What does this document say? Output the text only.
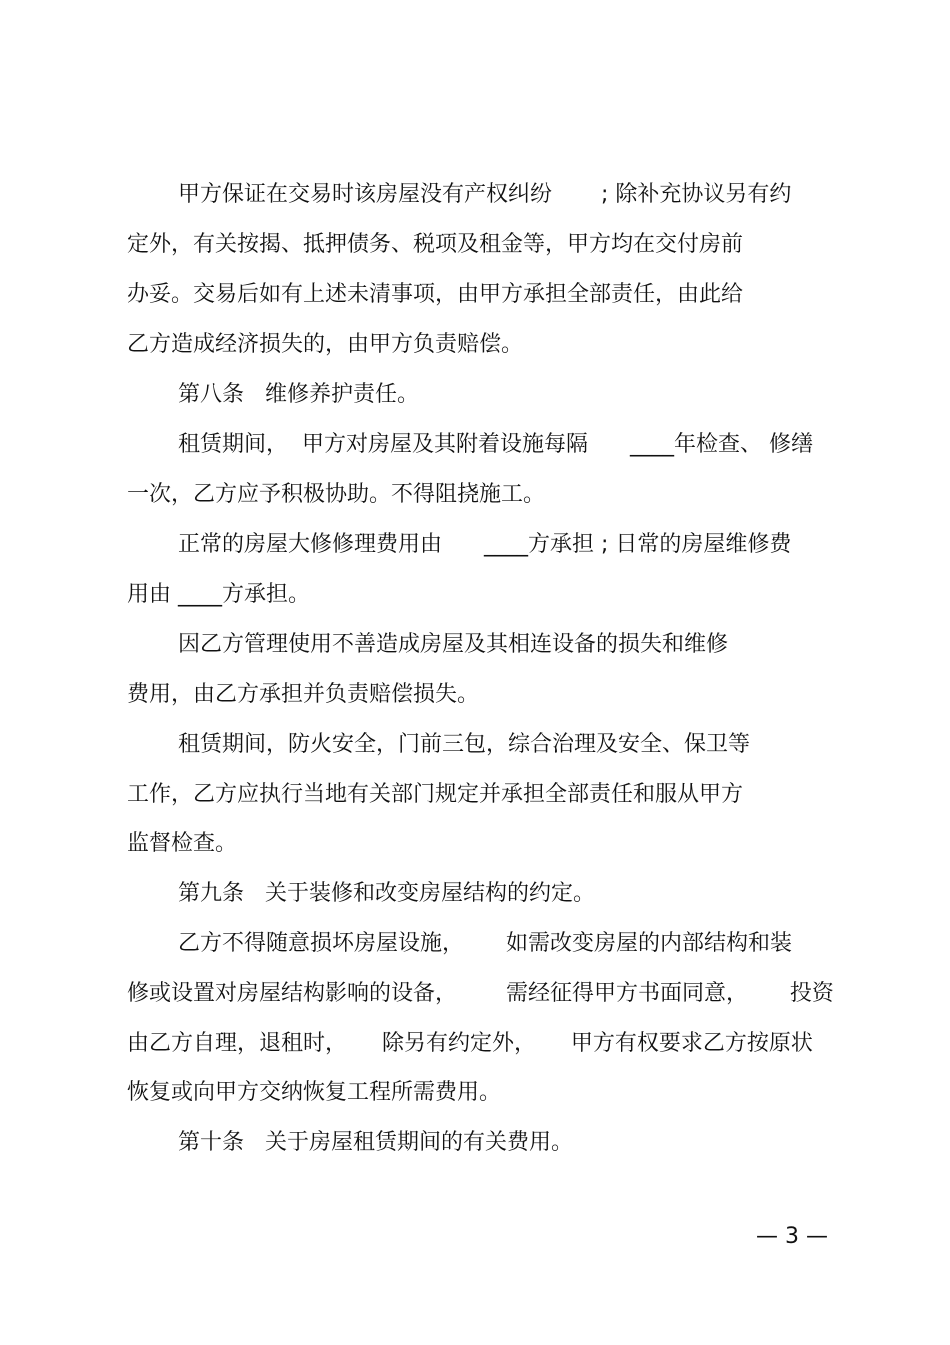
甲方保证在交易时该房屋没有产权纠纷       ; 除补充协议另有约

定外，有关按揭、抵押债务、税项及租金等，甲方均在交付房前

办妥。交易后如有上述未清事项，由甲方承担全部责任，由此给

乙方造成经济损失的，由甲方负责赔偿。

第八条   维修养护责任。

租赁期间，  甲方对房屋及其附着设施每隔      ____年检查、 修缮

一次，乙方应予积极协助。不得阻挠施工。

正常的房屋大修修理费用由      ____方承担 ; 日常的房屋维修费

用由 ____方承担。

因乙方管理使用不善造成房屋及其相连设备的损失和维修

费用，由乙方承担并负责赔偿损失。

租赁期间，防火安全，门前三包，综合治理及安全、保卫等

工作，乙方应执行当地有关部门规定并承担全部责任和服从甲方

监督检查。

第九条   关于装修和改变房屋结构的约定。

乙方不得随意损坏房屋设施，      如需改变房屋的内部结构和装

修或设置对房屋结构影响的设备，       需经征得甲方书面同意，      投资

由乙方自理，退租时，     除另有约定外，     甲方有权要求乙方按原状

恢复或向甲方交纳恢复工程所需费用。

第十条   关于房屋租赁期间的有关费用。

— 3 —
